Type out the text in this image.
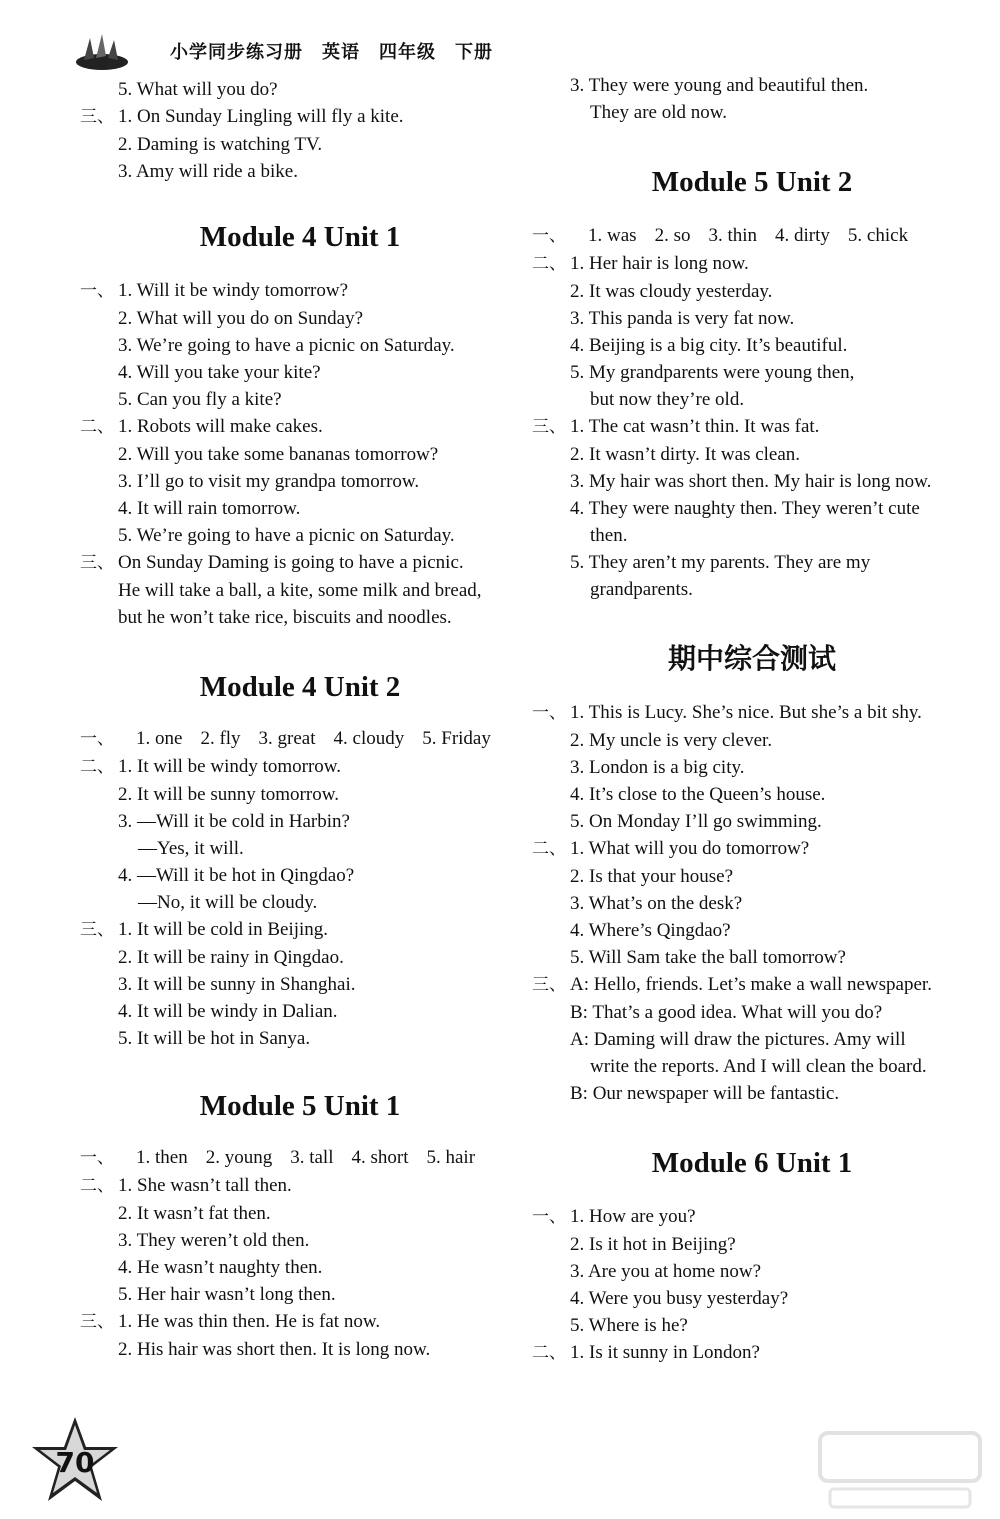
小学同步练习册　英语　四年级　下册
5. What will you do?
三、 1. On Sunday Lingling will fly a kite.
2. Daming is watching TV.
3. Amy will ride a bike.
Module 4 Unit 1
一、 1. Will it be windy tomorrow?
2. What will you do on Sunday?
3. We’re going to have a picnic on Saturday.
4. Will you take your kite?
5. Can you fly a kite?
二、 1. Robots will make cakes.
2. Will you take some bananas tomorrow?
3. I’ll go to visit my grandpa tomorrow.
4. It will rain tomorrow.
5. We’re going to have a picnic on Saturday.
三、 On Sunday Daming is going to have a picnic.
He will take a ball, a kite, some milk and bread,
but he won’t take rice, biscuits and noodles.
Module 4 Unit 2
一、 1. one 2. fly 3. great 4. cloudy 5. Friday
二、 1. It will be windy tomorrow.
2. It will be sunny tomorrow.
3. —Will it be cold in Harbin?
—Yes, it will.
4. —Will it be hot in Qingdao?
—No, it will be cloudy.
三、 1. It will be cold in Beijing.
2. It will be rainy in Qingdao.
3. It will be sunny in Shanghai.
4. It will be windy in Dalian.
5. It will be hot in Sanya.
Module 5 Unit 1
一、 1. then 2. young 3. tall 4. short 5. hair
二、 1. She wasn’t tall then.
2. It wasn’t fat then.
3. They weren’t old then.
4. He wasn’t naughty then.
5. Her hair wasn’t long then.
三、 1. He was thin then. He is fat now.
2. His hair was short then. It is long now.
3. They were young and beautiful then.
They are old now.
Module 5 Unit 2
一、 1. was 2. so 3. thin 4. dirty 5. chick
二、 1. Her hair is long now.
2. It was cloudy yesterday.
3. This panda is very fat now.
4. Beijing is a big city. It’s beautiful.
5. My grandparents were young then,
but now they’re old.
三、 1. The cat wasn’t thin. It was fat.
2. It wasn’t dirty. It was clean.
3. My hair was short then. My hair is long now.
4. They were naughty then. They weren’t cute
then.
5. They aren’t my parents. They are my
grandparents.
期中综合测试
一、 1. This is Lucy. She’s nice. But she’s a bit shy.
2. My uncle is very clever.
3. London is a big city.
4. It’s close to the Queen’s house.
5. On Monday I’ll go swimming.
二、 1. What will you do tomorrow?
2. Is that your house?
3. What’s on the desk?
4. Where’s Qingdao?
5. Will Sam take the ball tomorrow?
三、 A: Hello, friends. Let’s make a wall newspaper.
B: That’s a good idea. What will you do?
A: Daming will draw the pictures. Amy will
write the reports. And I will clean the board.
B: Our newspaper will be fantastic.
Module 6 Unit 1
一、 1. How are you?
2. Is it hot in Beijing?
3. Are you at home now?
4. Were you busy yesterday?
5. Where is he?
二、 1. Is it sunny in London?
70
